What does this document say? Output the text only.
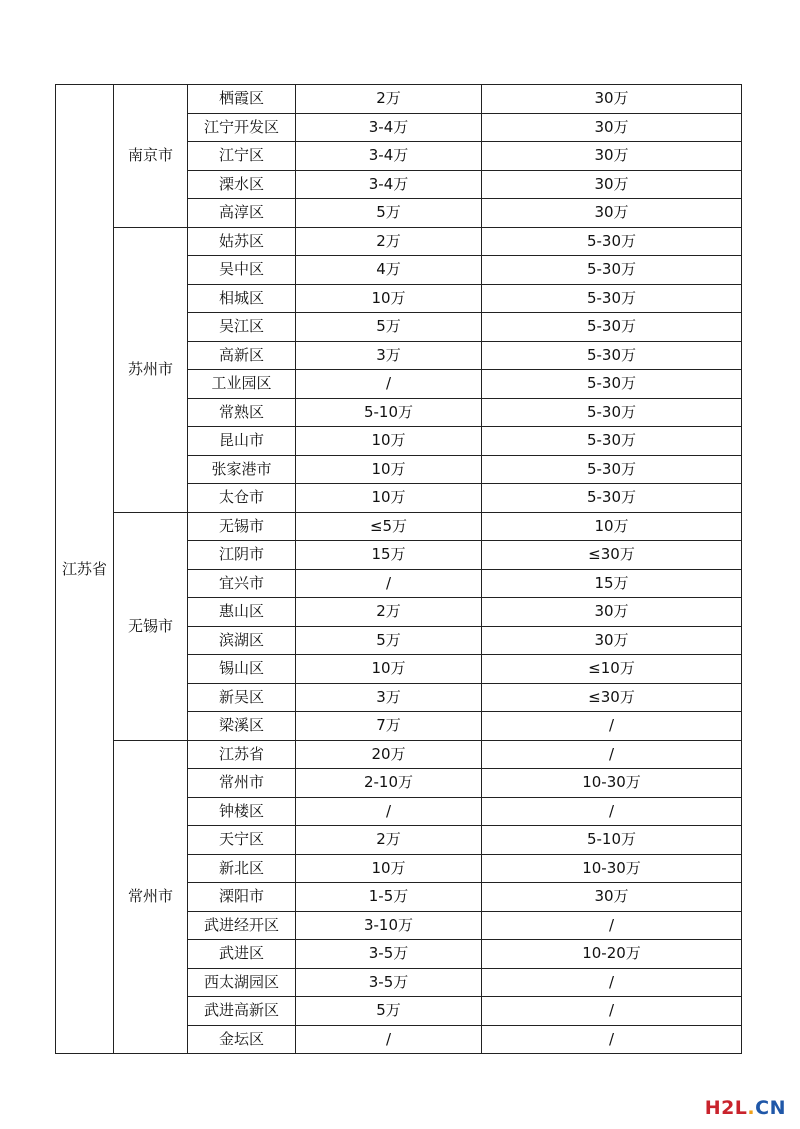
江苏省	南京市	栖霞区	2万	30万
		江宁开发区	3-4万	30万
		江宁区	3-4万	30万
		溧水区	3-4万	30万
		高淳区	5万	30万
	苏州市	姑苏区	2万	5-30万
		吴中区	4万	5-30万
		相城区	10万	5-30万
		吴江区	5万	5-30万
		高新区	3万	5-30万
		工业园区	/	5-30万
		常熟区	5-10万	5-30万
		昆山市	10万	5-30万
		张家港市	10万	5-30万
		太仓市	10万	5-30万
	无锡市	无锡市	≤5万	10万
		江阴市	15万	≤30万
		宜兴市	/	15万
		惠山区	2万	30万
		滨湖区	5万	30万
		锡山区	10万	≤10万
		新吴区	3万	≤30万
		梁溪区	7万	/
	常州市	江苏省	20万	/
		常州市	2-10万	10-30万
		钟楼区	/	/
		天宁区	2万	5-10万
		新北区	10万	10-30万
		溧阳市	1-5万	30万
		武进经开区	3-10万	/
		武进区	3-5万	10-20万
		西太湖园区	3-5万	/
		武进高新区	5万	/
		金坛区	/	/
H2L.CN
